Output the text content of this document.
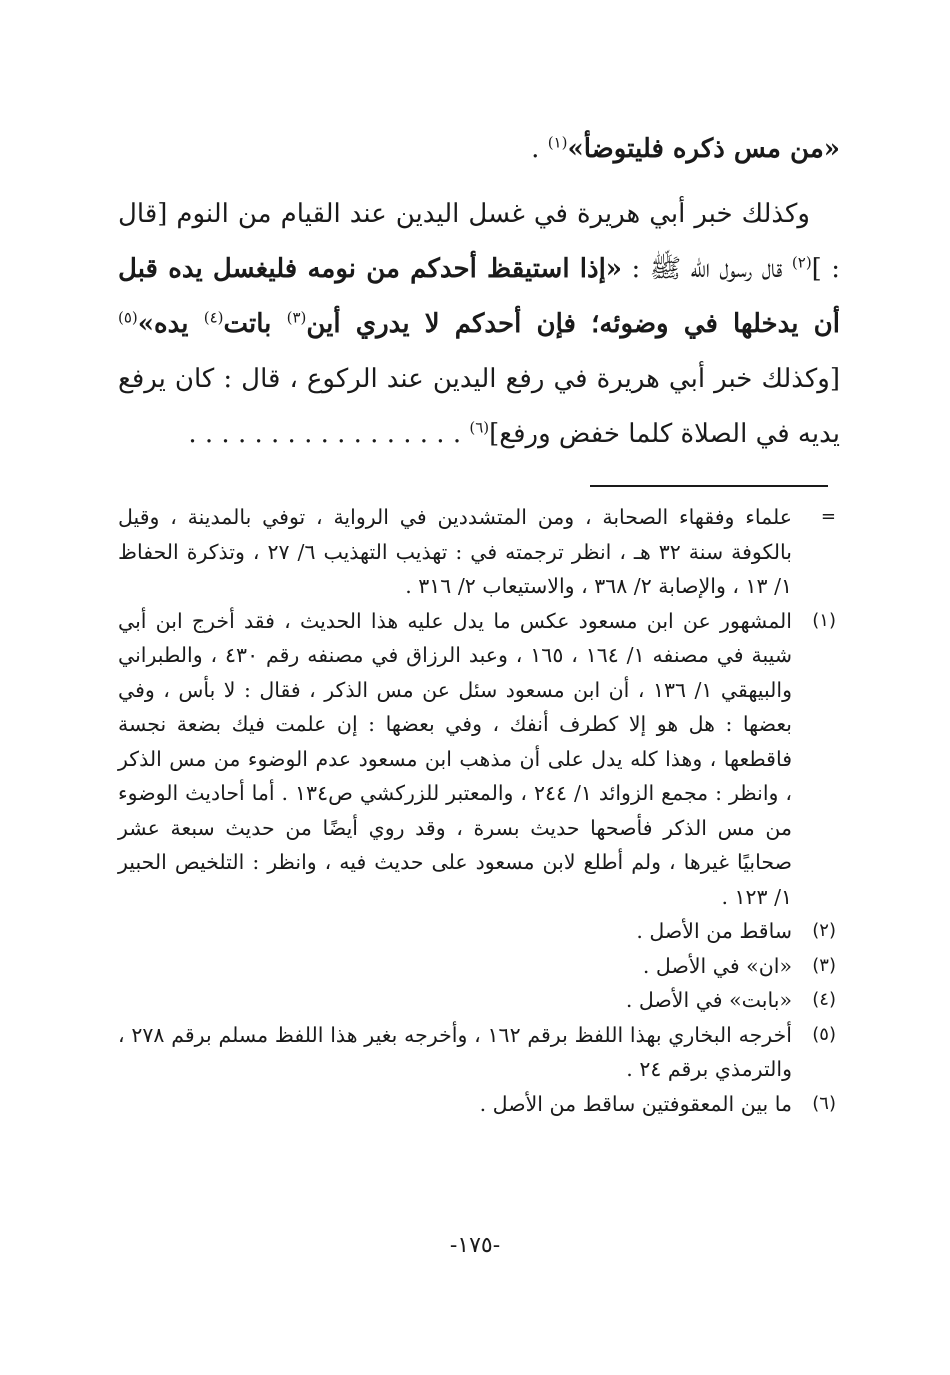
«من مس ذكره فليتوضأ»$^{(١)}$ .

وكذلك خبر أبي هريرة في غسل اليدين عند القيام من النوم [قال : ]$^{(٢)}$ قال رسول الله ﷺ : «إذا استيقظ أحدكم من نومه فليغسل يده قبل أن يدخلها في وضوئه؛ فإن أحدكم لا يدري أين$^{(٣)}$ باتت$^{(٤)}$ يده»$^{(٥)}$ [وكذلك خبر أبي هريرة في رفع اليدين عند الركوع ، قال : كان يرفع يديه في الصلاة كلما خفض ورفع]$^{(٦)}$ . . . . . . . . . . . . . . . . .

=
علماء وفقهاء الصحابة ، ومن المتشددين في الرواية ، توفي بالمدينة ، وقيل بالكوفة سنة ٣٢ هـ ، انظر ترجمته في : تهذيب التهذيب ٦/ ٢٧ ، وتذكرة الحفاظ ١/ ١٣ ، والإصابة ٢/ ٣٦٨ ، والاستيعاب ٢/ ٣١٦ .
(١)
المشهور عن ابن مسعود عكس ما يدل عليه هذا الحديث ، فقد أخرج ابن أبي شيبة في مصنفه ١/ ١٦٤ ، ١٦٥ ، وعبد الرزاق في مصنفه رقم ٤٣٠ ، والطبراني والبيهقي ١/ ١٣٦ ، أن ابن مسعود سئل عن مس الذكر ، فقال : لا بأس ، وفي بعضها : هل هو إلا كطرف أنفك ، وفي بعضها : إن علمت فيك بضعة نجسة فاقطعها ، وهذا كله يدل على أن مذهب ابن مسعود عدم الوضوء من مس الذكر ، وانظر : مجمع الزوائد ١/ ٢٤٤ ، والمعتبر للزركشي ص١٣٤ . أما أحاديث الوضوء من مس الذكر فأصحها حديث بسرة ، وقد روي أيضًا من حديث سبعة عشر صحابيًا غيرها ، ولم أطلع لابن مسعود على حديث فيه ، وانظر : التلخيص الحبير ١/ ١٢٣ .
(٢)
ساقط من الأصل .
(٣)
«ان» في الأصل .
(٤)
«بابت» في الأصل .
(٥)
أخرجه البخاري بهذا اللفظ برقم ١٦٢ ، وأخرجه بغير هذا اللفظ مسلم برقم ٢٧٨ ، والترمذي برقم ٢٤ .
(٦)
ما بين المعقوفتين ساقط من الأصل .
-١٧٥-
